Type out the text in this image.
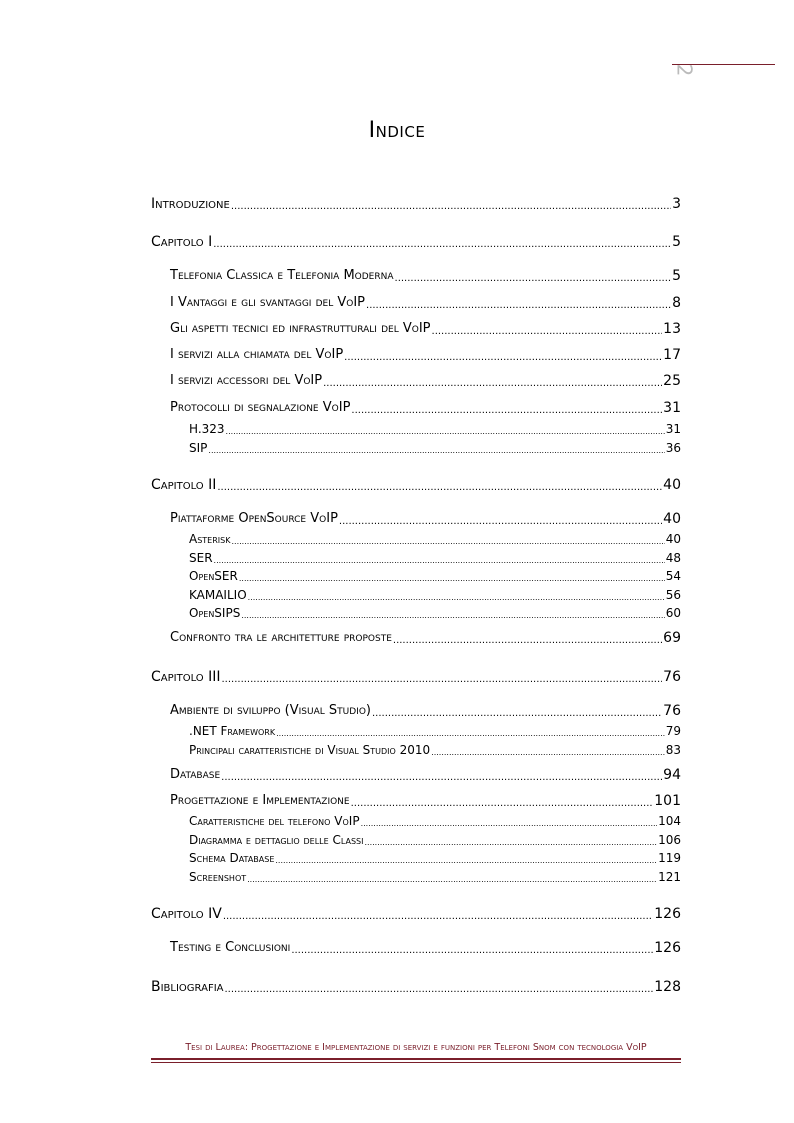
2
Indice
Introduzione .....	3
Capitolo I .....	5
Telefonia Classica e Telefonia Moderna .....	5
I Vantaggi e gli svantaggi del VoIP .....	8
Gli aspetti tecnici ed infrastrutturali del VoIP .....	13
I servizi alla chiamata del VoIP .....	17
I servizi accessori del VoIP .....	25
Protocolli di segnalazione VoIP .....	31
H.323 .....	31
SIP .....	36
Capitolo II .....	40
Piattaforme OpenSource VoIP .....	40
Asterisk .....	40
SER .....	48
OpenSER .....	54
KAMAILIO .....	56
OpenSIPS .....	60
Confronto tra le architetture proposte .....	69
Capitolo III .....	76
Ambiente di sviluppo (Visual Studio) .....	76
.NET Framework .....	79
Principali caratteristiche di Visual Studio 2010 .....	83
Database .....	94
Progettazione e Implementazione .....	101
Caratteristiche del telefono VoIP .....	104
Diagramma e dettaglio delle Classi .....	106
Schema Database .....	119
Screenshot .....	121
Capitolo IV .....	126
Testing e Conclusioni .....	126
Bibliografia .....	128
Tesi di Laurea: Progettazione e Implementazione di servizi e funzioni per Telefoni Snom con tecnologia VoIP
